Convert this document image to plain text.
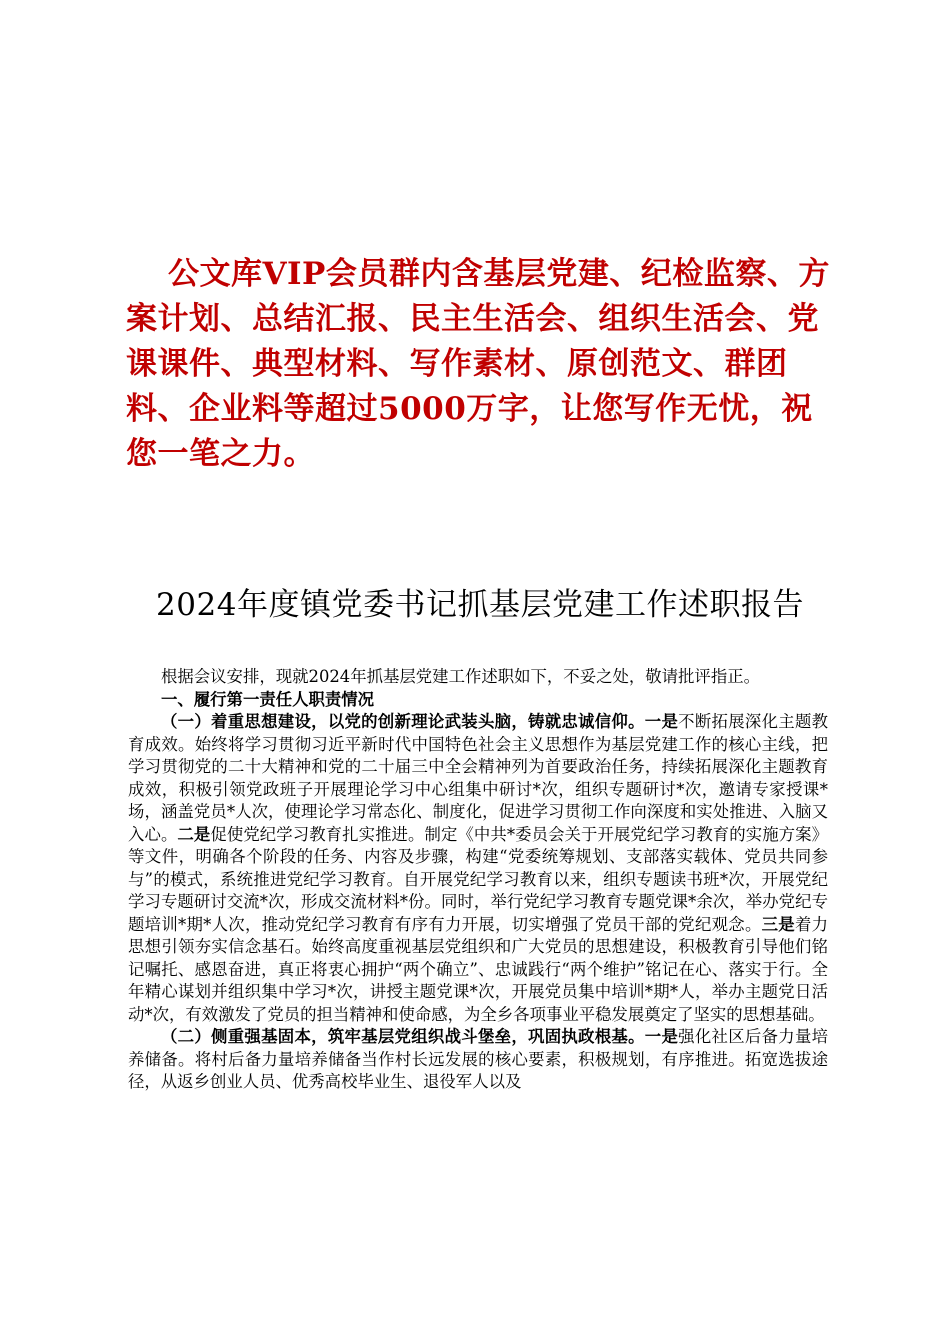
公文库VIP会员群内含基层党建、纪检监察、方案计划、总结汇报、民主生活会、组织生活会、党课课件、典型材料、写作素材、原创范文、群团料、企业料等超过5000万字，让您写作无忧，祝您一笔之力。

2024年度镇党委书记抓基层党建工作述职报告

根据会议安排，现就2024年抓基层党建工作述职如下，不妥之处，敬请批评指正。

一、履行第一责任人职责情况

（一）着重思想建设，以党的创新理论武装头脑，铸就忠诚信仰。一是不断拓展深化主题教育成效。始终将学习贯彻习近平新时代中国特色社会主义思想作为基层党建工作的核心主线，把学习贯彻党的二十大精神和党的二十届三中全会精神列为首要政治任务，持续拓展深化主题教育成效，积极引领党政班子开展理论学习中心组集中研讨*次，组织专题研讨*次，邀请专家授课*场，涵盖党员*人次，使理论学习常态化、制度化，促进学习贯彻工作向深度和实处推进、入脑又入心。二是促使党纪学习教育扎实推进。制定《中共*委员会关于开展党纪学习教育的实施方案》等文件，明确各个阶段的任务、内容及步骤，构建“党委统筹规划、支部落实载体、党员共同参与”的模式，系统推进党纪学习教育。自开展党纪学习教育以来，组织专题读书班*次，开展党纪学习专题研讨交流*次，形成交流材料*份。同时，举行党纪学习教育专题党课*余次，举办党纪专题培训*期*人次，推动党纪学习教育有序有力开展，切实增强了党员干部的党纪观念。三是着力思想引领夯实信念基石。始终高度重视基层党组织和广大党员的思想建设，积极教育引导他们铭记嘱托、感恩奋进，真正将衷心拥护“两个确立”、忠诚践行“两个维护”铭记在心、落实于行。全年精心谋划并组织集中学习*次，讲授主题党课*次，开展党员集中培训*期*人，举办主题党日活动*次，有效激发了党员的担当精神和使命感，为全乡各项事业平稳发展奠定了坚实的思想基础。

（二）侧重强基固本，筑牢基层党组织战斗堡垒，巩固执政根基。一是强化社区后备力量培养储备。将村后备力量培养储备当作村长远发展的核心要素，积极规划，有序推进。拓宽选拔途径，从返乡创业人员、优秀高校毕业生、退役军人以及
